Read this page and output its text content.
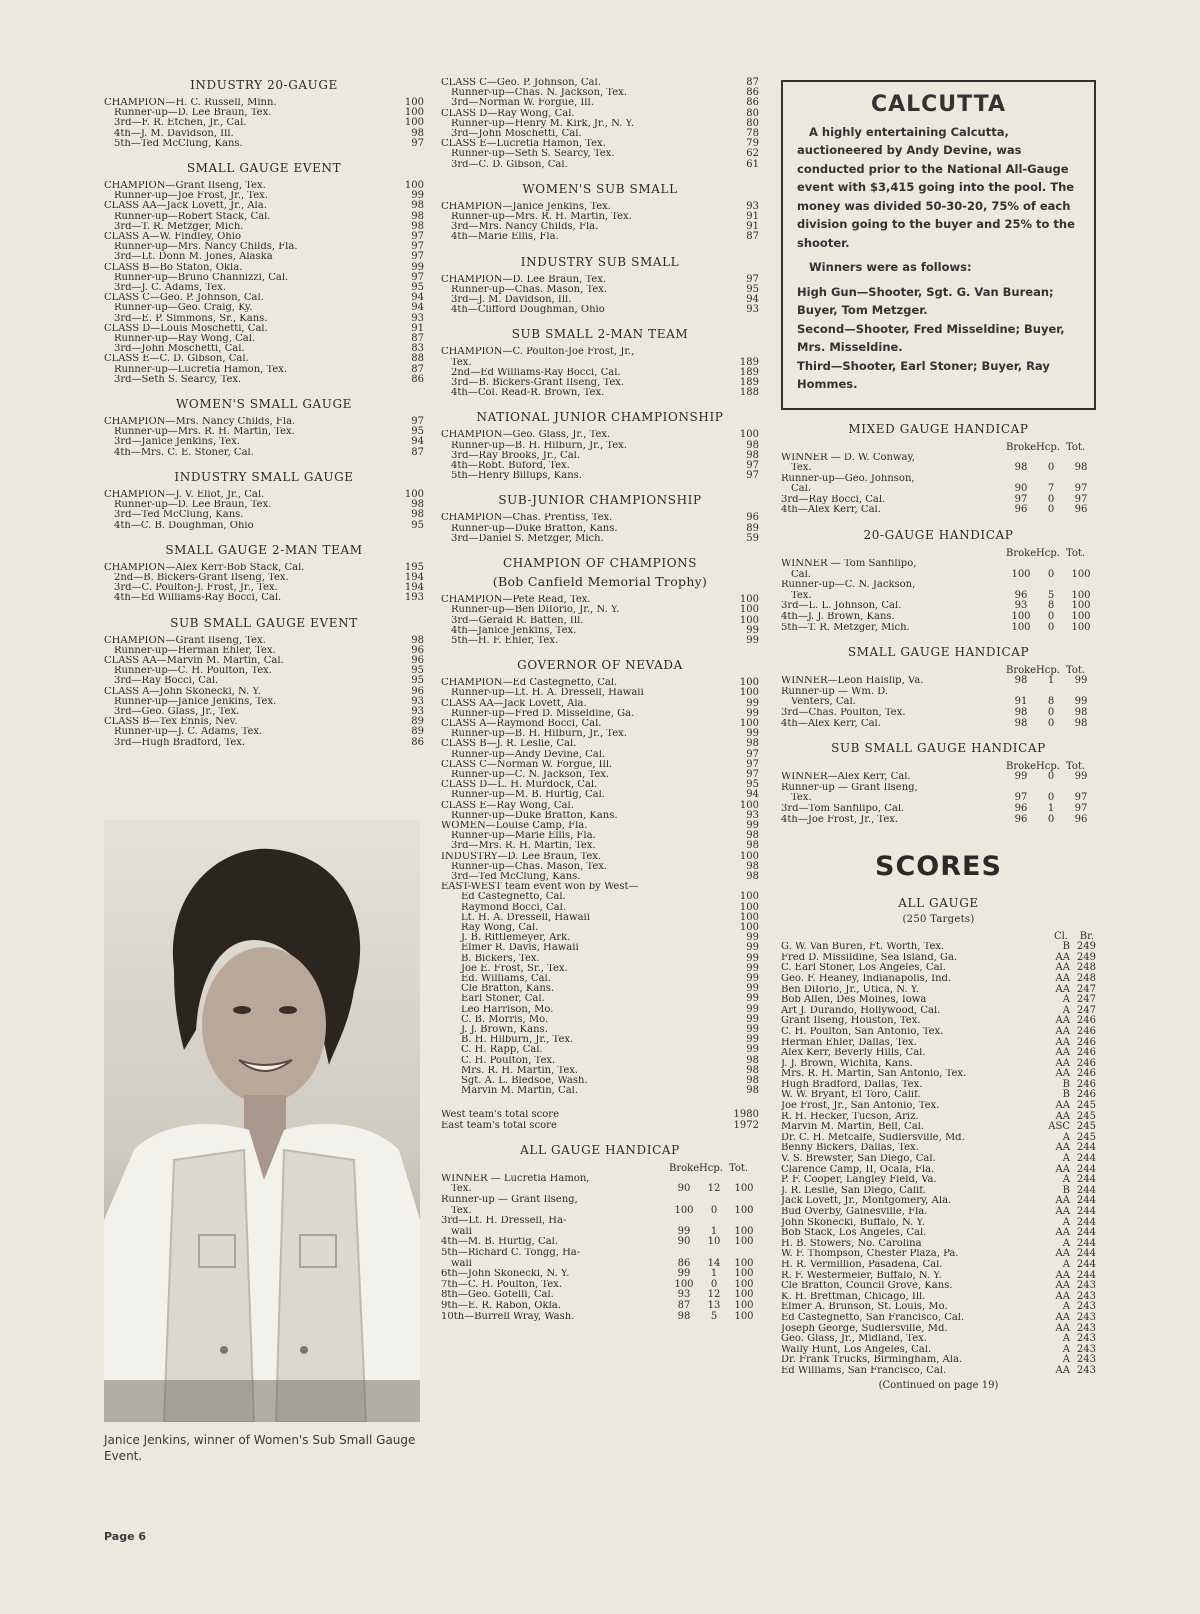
INDUSTRY 20-GAUGE
CHAMPION—H. C. Russell, Minn.	100
Runner-up—D. Lee Braun, Tex.	100
3rd—F. R. Etchen, Jr., Cal.	100
4th—J. M. Davidson, Ill.	98
5th—Ted McClung, Kans.	97
SMALL GAUGE EVENT
CHAMPION—Grant Ilseng, Tex.	100
Runner-up—Joe Frost, Jr., Tex.	99
CLASS AA—Jack Lovett, Jr., Ala.	98
Runner-up—Robert Stack, Cal.	98
3rd—T. R. Metzger, Mich.	98
CLASS A—W. Findley, Ohio	97
Runner-up—Mrs. Nancy Childs, Fla.	97
3rd—Lt. Donn M. Jones, Alaska	97
CLASS B—Bo Staton, Okla.	99
Runner-up—Bruno Channizzi, Cal.	97
3rd—J. C. Adams, Tex.	95
CLASS C—Geo. P. Johnson, Cal.	94
Runner-up—Geo. Craig, Ky.	94
3rd—E. P. Simmons, Sr., Kans.	93
CLASS D—Louis Moschetti, Cal.	91
Runner-up—Ray Wong, Cal.	87
3rd—John Moschetti, Cal.	83
CLASS E—C. D. Gibson, Cal.	88
Runner-up—Lucretia Hamon, Tex.	87
3rd—Seth S. Searcy, Tex.	86
WOMEN'S SMALL GAUGE
CHAMPION—Mrs. Nancy Childs, Fla.	97
Runner-up—Mrs. R. H. Martin, Tex.	95
3rd—Janice Jenkins, Tex.	94
4th—Mrs. C. E. Stoner, Cal.	87
INDUSTRY SMALL GAUGE
CHAMPION—J. V. Eliot, Jr., Cal.	100
Runner-up—D. Lee Braun, Tex.	98
3rd—Ted McClung, Kans.	98
4th—C. B. Doughman, Ohio	95
SMALL GAUGE 2-MAN TEAM
CHAMPION—Alex Kerr-Bob Stack, Cal.	195
2nd—B. Bickers-Grant Ilseng, Tex.	194
3rd—C. Poulton-J. Frost, Jr., Tex.	194
4th—Ed Williams-Ray Bocci, Cal.	193
SUB SMALL GAUGE EVENT
CHAMPION—Grant Ilseng, Tex.	98
Runner-up—Herman Ehler, Tex.	96
CLASS AA—Marvin M. Martin, Cal.	96
Runner-up—C. H. Poulton, Tex.	95
3rd—Ray Bocci, Cal.	95
CLASS A—John Skonecki, N. Y.	96
Runner-up—Janice Jenkins, Tex.	93
3rd—Geo. Glass, Jr., Tex.	93
CLASS B—Tex Ennis, Nev.	89
Runner-up—J. C. Adams, Tex.	89
3rd—Hugh Bradford, Tex.	86
Janice Jenkins, winner of Women's Sub Small Gauge Event.
Page 6
CLASS C—Geo. P. Johnson, Cal.	87
Runner-up—Chas. N. Jackson, Tex.	86
3rd—Norman W. Forgue, Ill.	86
CLASS D—Ray Wong, Cal.	80
Runner-up—Henry M. Kirk, Jr., N. Y.	80
3rd—John Moschetti, Cal.	78
CLASS E—Lucretia Hamon, Tex.	79
Runner-up—Seth S. Searcy, Tex.	62
3rd—C. D. Gibson, Cal.	61
WOMEN'S SUB SMALL
CHAMPION—Janice Jenkins, Tex.	93
Runner-up—Mrs. R. H. Martin, Tex.	91
3rd—Mrs. Nancy Childs, Fla.	91
4th—Marie Ellis, Fla.	87
INDUSTRY SUB SMALL
CHAMPION—D. Lee Braun, Tex.	97
Runner-up—Chas. Mason, Tex.	95
3rd—J. M. Davidson, Ill.	94
4th—Clifford Doughman, Ohio	93
SUB SMALL 2-MAN TEAM
CHAMPION—C. Poulton-Joe Frost, Jr.,
Tex.	189
2nd—Ed Williams-Ray Bocci, Cal.	189
3rd—B. Bickers-Grant Ilseng, Tex.	189
4th—Col. Read-R. Brown, Tex.	188
NATIONAL JUNIOR CHAMPIONSHIP
CHAMPION—Geo. Glass, Jr., Tex.	100
Runner-up—B. H. Hilburn, Jr., Tex.	98
3rd—Ray Brooks, Jr., Cal.	98
4th—Robt. Buford, Tex.	97
5th—Henry Billups, Kans.	97
SUB-JUNIOR CHAMPIONSHIP
CHAMPION—Chas. Prentiss, Tex.	96
Runner-up—Duke Bratton, Kans.	89
3rd—Daniel S. Metzger, Mich.	59
CHAMPION OF CHAMPIONS
(Bob Canfield Memorial Trophy)
CHAMPION—Pete Read, Tex.	100
Runner-up—Ben DiIorio, Jr., N. Y.	100
3rd—Gerald R. Batten, Ill.	100
4th—Janice Jenkins, Tex.	99
5th—H. F. Ehler, Tex.	99
GOVERNOR OF NEVADA
CHAMPION—Ed Castegnetto, Cal.	100
Runner-up—Lt. H. A. Dressell, Hawaii	100
CLASS AA—Jack Lovett, Ala.	99
Runner-up—Fred D. Misseldine, Ga.	99
CLASS A—Raymond Bocci, Cal.	100
Runner-up—B. H. Hilburn, Jr., Tex.	99
CLASS B—J. R. Leslie, Cal.	98
Runner-up—Andy Devine, Cal.	97
CLASS C—Norman W. Forgue, Ill.	97
Runner-up—C. N. Jackson, Tex.	97
CLASS D—L. H. Murdock, Cal.	95
Runner-up—M. B. Hurtig, Cal.	94
CLASS E—Ray Wong, Cal.	100
Runner-up—Duke Bratton, Kans.	93
WOMEN—Louise Camp, Fla.	99
Runner-up—Marie Ellis, Fla.	98
3rd—Mrs. R. H. Martin, Tex.	98
INDUSTRY—D. Lee Braun, Tex.	100
Runner-up—Chas. Mason, Tex.	98
3rd—Ted McClung, Kans.	98
EAST-WEST team event won by West—
Ed Castegnetto, Cal.	100
Raymond Bocci, Cal.	100
Lt. H. A. Dressell, Hawaii	100
Ray Wong, Cal.	100
J. B. Rittlemeyer, Ark.	99
Elmer R. Davis, Hawaii	99
B. Bickers, Tex.	99
Joe E. Frost, Sr., Tex.	99
Ed. Williams, Cal.	99
Cle Bratton, Kans.	99
Earl Stoner, Cal.	99
Leo Harrison, Mo.	99
C. B. Morris, Mo.	99
J. J. Brown, Kans.	99
B. H. Hilburn, Jr., Tex.	99
C. H. Rapp, Cal.	99
C. H. Poulton, Tex.	98
Mrs. R. H. Martin, Tex.	98
Sgt. A. L. Bledsoe, Wash.	98
Marvin M. Martin, Cal.	98
West team's total score	1980
East team's total score	1972
ALL GAUGE HANDICAP
Broke Hcp. Tot.
WINNER — Lucretia Hamon,
Tex.	90	12	100
Runner-up — Grant Ilseng,
Tex.	100	0	100
3rd—Lt. H. Dressell, Ha-
waii	99	1	100
4th—M. B. Hurtig, Cal.	90	10	100
5th—Richard C. Tongg, Ha-
waii	86	14	100
6th—John Skonecki, N. Y.	99	1	100
7th—C. H. Poulton, Tex.	100	0	100
8th—Geo. Gotelli, Cal.	93	12	100
9th—E. R. Rabon, Okla.	87	13	100
10th—Burrell Wray, Wash.	98	5	100
CALCUTTA

A highly entertaining Calcutta, auctioneered by Andy Devine, was conducted prior to the National All-Gauge event with $3,415 going into the pool. The money was divided 50-30-20, 75% of each division going to the buyer and 25% to the shooter.

Winners were as follows:

High Gun—Shooter, Sgt. G. Van Burean; Buyer, Tom Metzger.
Second—Shooter, Fred Misseldine; Buyer, Mrs. Misseldine.
Third—Shooter, Earl Stoner; Buyer, Ray Hommes.
MIXED GAUGE HANDICAP
Broke Hcp. Tot.
WINNER — D. W. Conway,
Tex.	98	0	98
Runner-up—Geo. Johnson,
Cal.	90	7	97
3rd—Ray Bocci, Cal.	97	0	97
4th—Alex Kerr, Cal.	96	0	96
20-GAUGE HANDICAP
Broke Hcp. Tot.
WINNER — Tom Sanfilipo,
Cal.	100	0	100
Runner-up—C. N. Jackson,
Tex.	96	5	100
3rd—L. L. Johnson, Cal.	93	8	100
4th—J. J. Brown, Kans.	100	0	100
5th—T. R. Metzger, Mich.	100	0	100
SMALL GAUGE HANDICAP
Broke Hcp. Tot.
WINNER—Leon Haislip, Va.	98	1	99
Runner-up — Wm. D.
Venters, Cal.	91	8	99
3rd—Chas. Poulton, Tex.	98	0	98
4th—Alex Kerr, Cal.	98	0	98
SUB SMALL GAUGE HANDICAP
Broke Hcp. Tot.
WINNER—Alex Kerr, Cal.	99	0	99
Runner-up — Grant Ilseng,
Tex.	97	0	97
3rd—Tom Sanfilipo, Cal.	96	1	97
4th—Joe Frost, Jr., Tex.	96	0	96
SCORES
ALL GAUGE
(250 Targets)
Cl.	Br.
G. W. Van Buren, Ft. Worth, Tex.	B 249
Fred D. Missildine, Sea Island, Ga.	AA 249
C. Earl Stoner, Los Angeles, Cal.	AA 248
Geo. F. Heaney, Indianapolis, Ind.	AA 248
Ben DiIorio, Jr., Utica, N. Y.	AA 247
Bob Allen, Des Moines, Iowa	A 247
Art J. Durando, Hollywood, Cal.	A 247
Grant Ilseng, Houston, Tex.	AA 246
C. H. Poulton, San Antonio, Tex.	AA 246
Herman Ehler, Dallas, Tex.	AA 246
Alex Kerr, Beverly Hills, Cal.	AA 246
J. J. Brown, Wichita, Kans.	AA 246
Mrs. R. H. Martin, San Antonio, Tex.	AA 246
Hugh Bradford, Dallas, Tex.	B 246
W. W. Bryant, El Toro, Calif.	B 246
Joe Frost, Jr., San Antonio, Tex.	AA 245
R. H. Hecker, Tucson, Ariz.	AA 245
Marvin M. Martin, Bell, Cal.	ASC 245
Dr. C. H. Metcalfe, Sudlersville, Md.	A 245
Benny Bickers, Dallas, Tex.	AA 244
V. S. Brewster, San Diego, Cal.	A 244
Clarence Camp, II, Ocala, Fla.	AA 244
P. F. Cooper, Langley Field, Va.	A 244
J. R. Leslie, San Diego, Calif.	B 244
Jack Lovett, Jr., Montgomery, Ala.	AA 244
Bud Overby, Gainesville, Fla.	AA 244
John Skonecki, Buffalo, N. Y.	A 244
Bob Stack, Los Angeles, Cal.	AA 244
H. B. Stowers, No. Carolina	A 244
W. F. Thompson, Chester Plaza, Pa.	AA 244
H. R. Vermillion, Pasadena, Cal.	A 244
R. F. Westermeier, Buffalo, N. Y.	AA 244
Cle Bratton, Council Grove, Kans.	AA 243
K. H. Brettman, Chicago, Ill.	AA 243
Elmer A. Brunson, St. Louis, Mo.	A 243
Ed Castegnetto, San Francisco, Cal.	AA 243
Joseph George, Sudlersville, Md.	AA 243
Geo. Glass, Jr., Midland, Tex.	A 243
Wally Hunt, Los Angeles, Cal.	A 243
Dr. Frank Trucks, Birmingham, Ala.	A 243
Ed Williams, San Francisco, Cal.	AA 243
(Continued on page 19)
